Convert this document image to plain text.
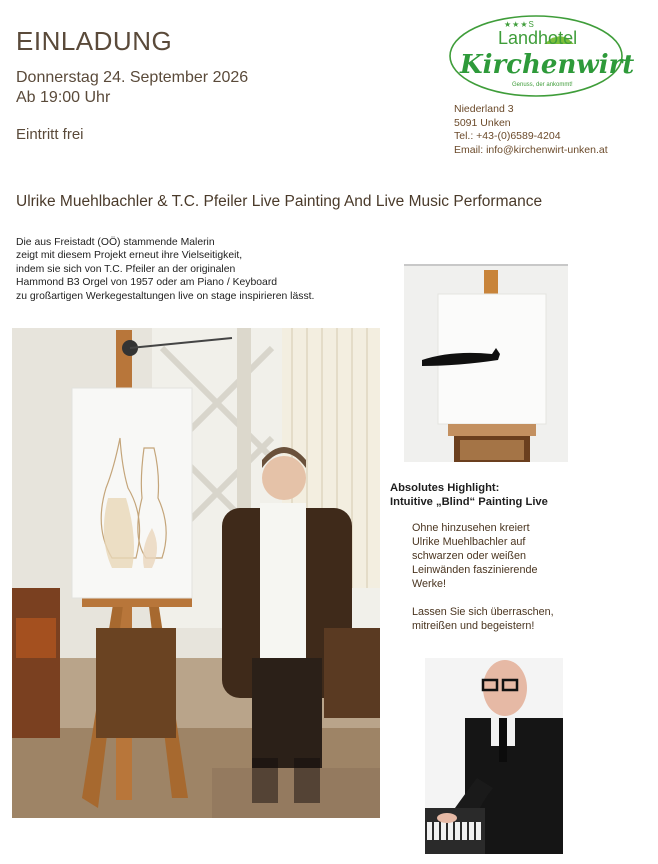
EINLADUNG
Donnerstag 24. September 2026
Ab 19:00 Uhr
Eintritt frei
★★★S
Landhotel
Kirchenwirt
Genuss, der ankommt!
Niederland 3
5091 Unken
Tel.: +43-(0)6589-4204
Email: info@kirchenwirt-unken.at
Ulrike Muehlbachler & T.C. Pfeiler Live Painting And Live Music Performance
Die aus Freistadt (OÖ) stammende Malerin
zeigt mit diesem Projekt erneut ihre Vielseitigkeit,
indem sie sich von T.C. Pfeiler an der originalen
Hammond B3 Orgel von 1957 oder am Piano / Keyboard
zu großartigen Werkegestaltungen live on stage inspirieren lässt.
Absolutes Highlight:
Intuitive „Blind“ Painting Live
Ohne hinzusehen kreiert
Ulrike Muehlbachler auf
schwarzen oder weißen
Leinwänden faszinierende
Werke!
Lassen Sie sich überraschen,
mitreißen und begeistern!
